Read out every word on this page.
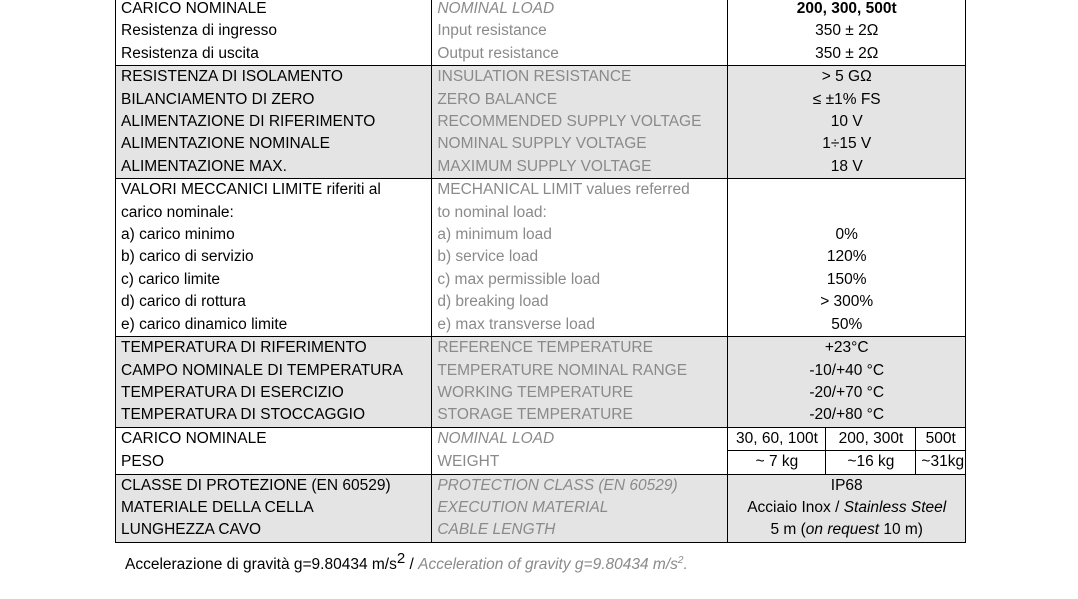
CARICO NOMINALE	NOMINAL LOAD	200, 300, 500t		
Resistenza di ingresso	Input resistance	350 ± 2Ω		
Resistenza di uscita	Output resistance	350 ± 2Ω		
RESISTENZA DI ISOLAMENTO	INSULATION RESISTANCE	> 5 GΩ		
BILANCIAMENTO DI ZERO	ZERO BALANCE	≤ ±1% FS		
ALIMENTAZIONE DI RIFERIMENTO	RECOMMENDED SUPPLY VOLTAGE	10 V		
ALIMENTAZIONE NOMINALE	NOMINAL SUPPLY VOLTAGE	1÷15 V		
ALIMENTAZIONE MAX.	MAXIMUM SUPPLY VOLTAGE	18 V		
VALORI MECCANICI LIMITE riferiti al	MECHANICAL LIMIT values referred			
carico nominale:	to nominal load:			
a) carico minimo	a) minimum load	0%		
b) carico di servizio	b) service load	120%		
c) carico limite	c) max permissible load	150%		
d) carico di rottura	d) breaking load	> 300%		
e) carico dinamico limite	e) max transverse load	50%		
TEMPERATURA DI RIFERIMENTO	REFERENCE TEMPERATURE	+23°C		
CAMPO NOMINALE DI TEMPERATURA	TEMPERATURE NOMINAL RANGE	-10/+40 °C		
TEMPERATURA DI ESERCIZIO	WORKING TEMPERATURE	-20/+70 °C		
TEMPERATURA DI STOCCAGGIO	STORAGE TEMPERATURE	-20/+80 °C		
CARICO NOMINALE	NOMINAL LOAD	30, 60, 100t	200, 300t	500t
PESO	WEIGHT	~ 7 kg	~16 kg	~31kg
CLASSE DI PROTEZIONE (EN 60529)	PROTECTION CLASS (EN 60529)	IP68		
MATERIALE DELLA CELLA	EXECUTION MATERIAL	Acciaio Inox / Stainless Steel		
LUNGHEZZA CAVO	CABLE LENGTH	5 m (on request 10 m)		
Accelerazione di gravità g=9.80434 m/s2 / Acceleration of gravity g=9.80434 $m/s^2$.
